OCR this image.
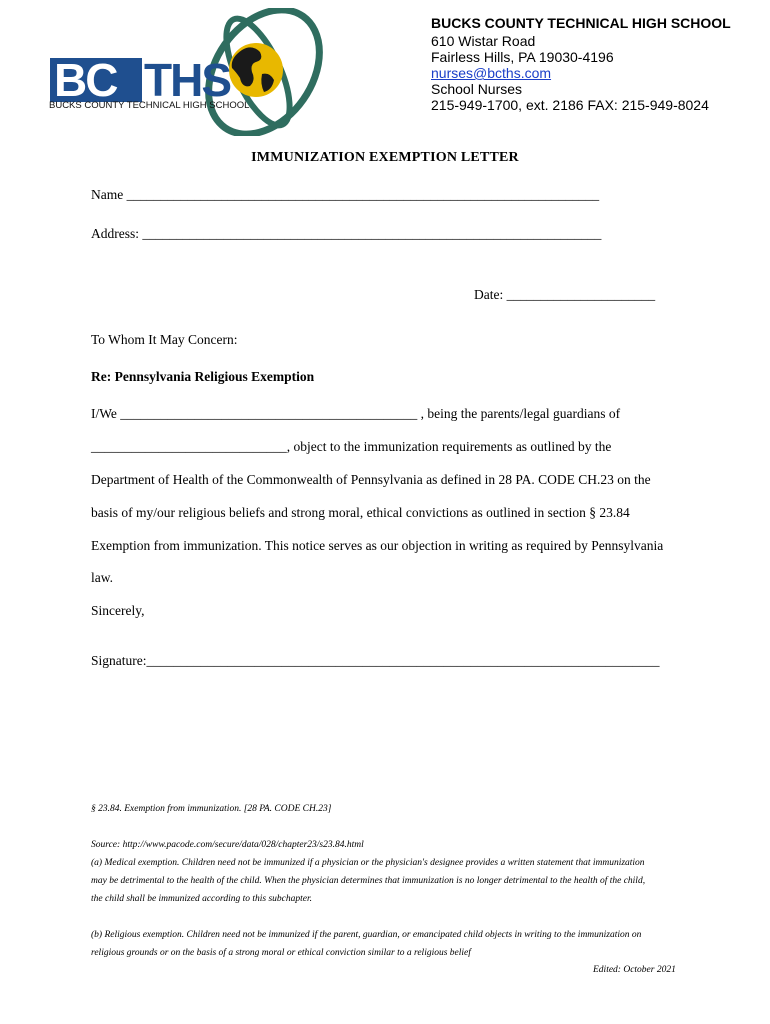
BC THS
BUCKS COUNTY TECHNICAL HIGH SCHOOL
BUCKS COUNTY TECHNICAL HIGH SCHOOL
610 Wistar Road
Fairless Hills, PA 19030-4196
nurses@bcths.com
School Nurses
215-949-1700, ext. 2186 FAX: 215-949-8024
IMMUNIZATION EXEMPTION LETTER
Name ______________________________________________________________________
Address: ____________________________________________________________________
Date: ______________________
To Whom It May Concern:
Re: Pennsylvania Religious Exemption
I/We ____________________________________________ , being the parents/legal guardians of
_____________________________, object to the immunization requirements as outlined by the
Department of Health of the Commonwealth of Pennsylvania as defined in 28 PA. CODE CH.23 on the
basis of my/our religious beliefs and strong moral, ethical convictions as outlined in section § 23.84
Exemption from immunization. This notice serves as our objection in writing as required by Pennsylvania
law.
Sincerely,
Signature:____________________________________________________________________________
§ 23.84. Exemption from immunization. [28 PA. CODE CH.23]
Source: http://www.pacode.com/secure/data/028/chapter23/s23.84.html
(a) Medical exemption. Children need not be immunized if a physician or the physician's designee provides a written statement that immunization
may be detrimental to the health of the child. When the physician determines that immunization is no longer detrimental to the health of the child,
the child shall be immunized according to this subchapter.
(b) Religious exemption. Children need not be immunized if the parent, guardian, or emancipated child objects in writing to the immunization on
religious grounds or on the basis of a strong moral or ethical conviction similar to a religious belief
Edited: October 2021
